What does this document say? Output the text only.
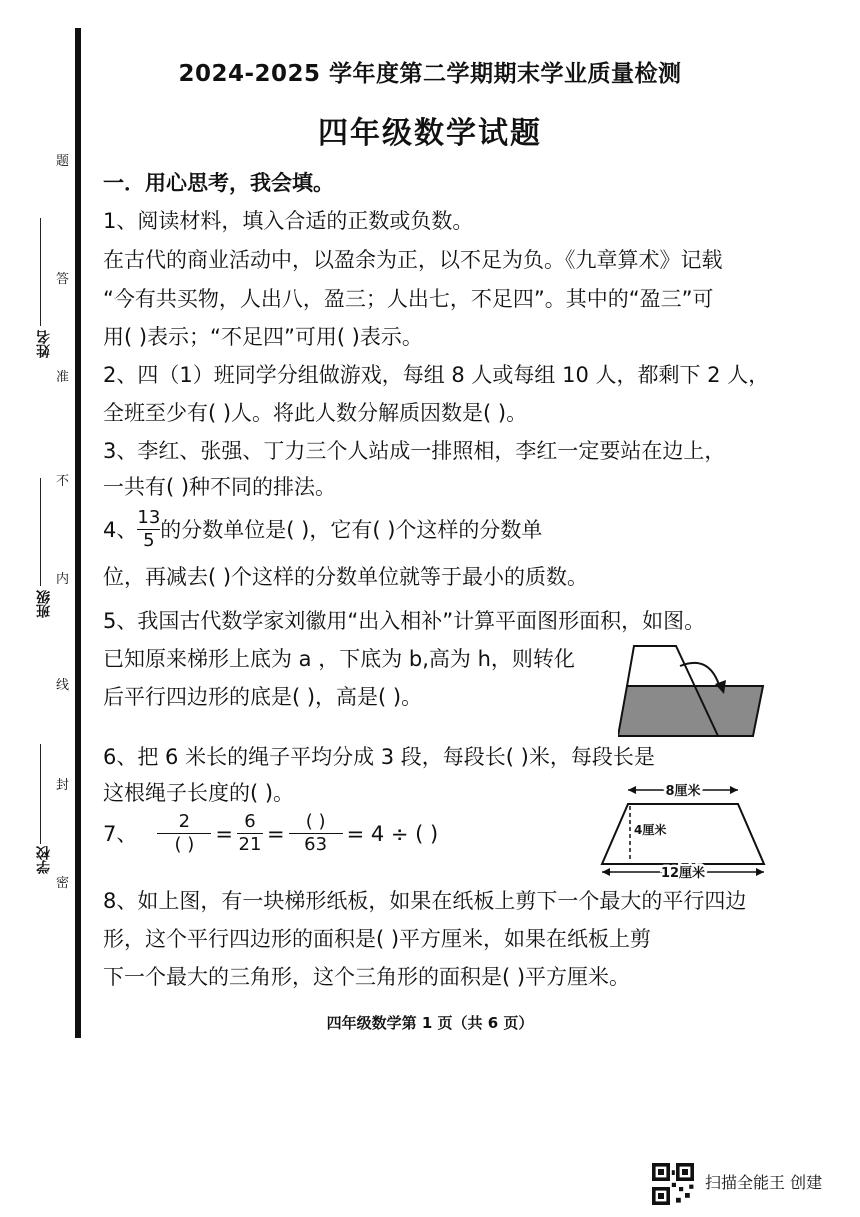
题
答
准
不
内
线
封
密
姓名
班级
学校
2024-2025 学年度第二学期期末学业质量检测
四年级数学试题
一．用心思考，我会填。
1、阅读材料，填入合适的正数或负数。
在古代的商业活动中，以盈余为正，以不足为负。《九章算术》记载
“今有共买物，人出八，盈三；人出七，不足四”。其中的“盈三”可
用( )表示；“不足四”可用( )表示。
2、四（1）班同学分组做游戏，每组 8 人或每组 10 人，都剩下 2 人，
全班至少有( )人。将此人数分解质因数是( )。
3、李红、张强、丁力三个人站成一排照相，李红一定要站在边上，
一共有( )种不同的排法。
4、 $\frac{13}{5}$ 的分数单位是( )，它有( )个这样的分数单
位，再减去( )个这样的分数单位就等于最小的质数。
5、我国古代数学家刘徽用“出入相补”计算平面图形面积，如图。
已知原来梯形上底为 a ，下底为 b,高为 h，则转化
后平行四边形的底是( )，高是( )。
6、把 6 米长的绳子平均分成 3 段，每段长( )米，每段长是
这根绳子长度的( )。
7、 $\frac{2}{( )} = \frac{6}{21} = \frac{( )}{63} = 4$ ÷ ( )
8厘米
4厘米
12厘米
8、如上图，有一块梯形纸板，如果在纸板上剪下一个最大的平行四边
形，这个平行四边形的面积是( )平方厘米，如果在纸板上剪
下一个最大的三角形，这个三角形的面积是( )平方厘米。
四年级数学第 1 页（共 6 页）
扫描全能王 创建
